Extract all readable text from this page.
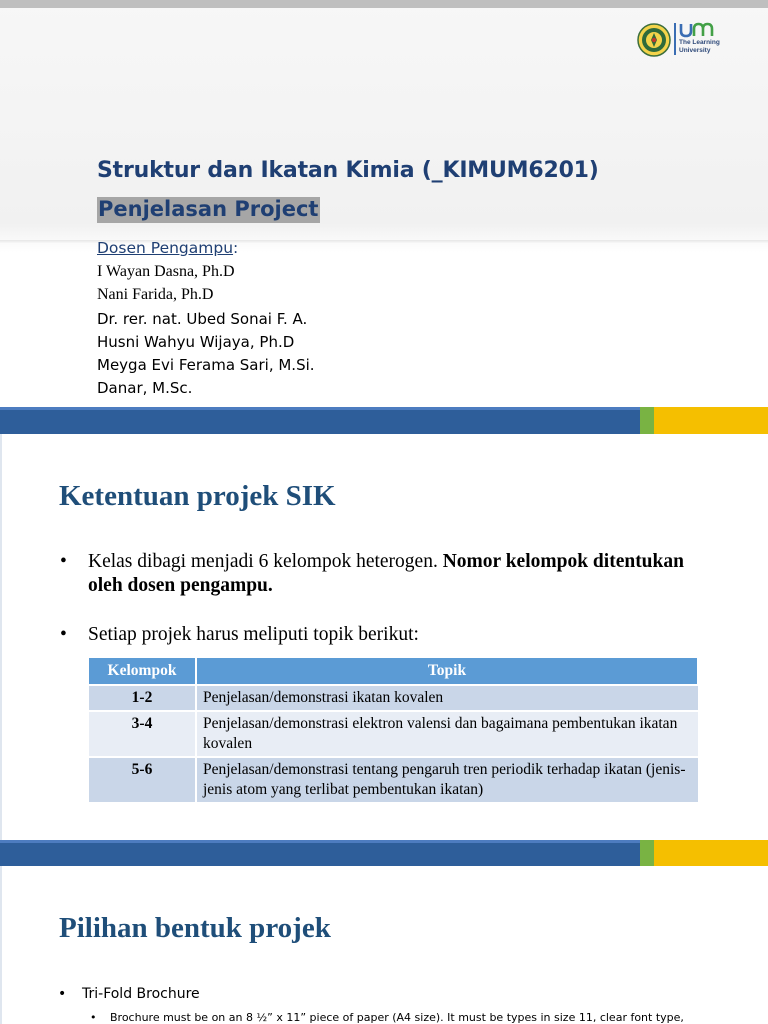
The Learning
University
Struktur dan Ikatan Kimia (_KIMUM6201)
Penjelasan Project
Dosen Pengampu:
I Wayan Dasna, Ph.D
Nani Farida, Ph.D
Dr. rer. nat. Ubed Sonai F. A.
Husni Wahyu Wijaya, Ph.D
Meyga Evi Ferama Sari, M.Si.
Danar, M.Sc.
Ketentuan projek SIK
• Kelas dibagi menjadi 6 kelompok heterogen. Nomor kelompok ditentukan oleh dosen pengampu.
• Setiap projek harus meliputi topik berikut:
Kelompok	Topik
1-2	Penjelasan/demonstrasi ikatan kovalen
3-4	Penjelasan/demonstrasi elektron valensi dan bagaimana pembentukan ikatan kovalen
5-6	Penjelasan/demonstrasi tentang pengaruh tren periodik terhadap ikatan (jenis-jenis atom yang terlibat pembentukan ikatan)
Pilihan bentuk projek
• Tri-Fold Brochure
• Brochure must be on an 8 ½” x 11” piece of paper (A4 size). It must be types in size 11, clear font type,
